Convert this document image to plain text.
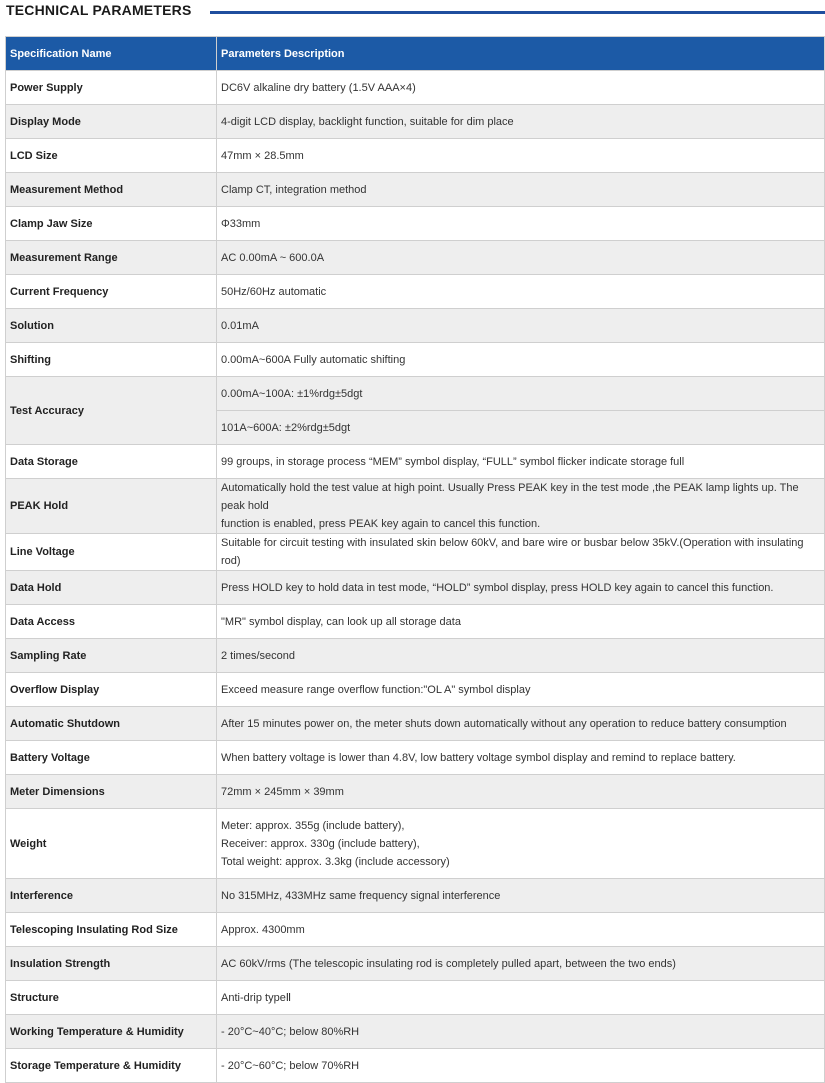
TECHNICAL PARAMETERS
Specification Name	Parameters Description
Power Supply	DC6V alkaline dry battery (1.5V AAA×4)

Display Mode	4-digit LCD display, backlight function, suitable for dim place

LCD Size	47mm × 28.5mm

Measurement Method	Clamp CT, integration method

Clamp Jaw Size	Φ33mm

Measurement Range	AC 0.00mA ~ 600.0A

Current Frequency	50Hz/60Hz automatic

Solution	0.01mA

Shifting	0.00mA~600A Fully automatic shifting

Test Accuracy	0.00mA~100A: ±1%rdg±5dgt
	101A~600A: ±2%rdg±5dgt
Data Storage	99 groups, in storage process “MEM” symbol display, “FULL” symbol flicker indicate storage full

PEAK Hold	Automatically hold the test value at high point. Usually Press PEAK key in the test mode ,the PEAK lamp lights up. The peak hold
function is enabled, press PEAK key again to cancel this function.

Line Voltage	Suitable for circuit testing with insulated skin below 60kV, and bare wire or busbar below 35kV.(Operation with insulating rod)

Data Hold	Press HOLD key to hold data in test mode, “HOLD” symbol display, press HOLD key again to cancel this function.

Data Access	"MR" symbol display, can look up all storage data

Sampling Rate	2 times/second

Overflow Display	Exceed measure range overflow function:"OL A" symbol display

Automatic Shutdown	After 15 minutes power on, the meter shuts down automatically without any operation to reduce battery consumption

Battery Voltage	When battery voltage is lower than 4.8V, low battery voltage symbol display and remind to replace battery.

Meter Dimensions	72mm × 245mm × 39mm

Weight	Meter: approx. 355g (include battery),
Receiver: approx. 330g (include battery),
Total weight: approx. 3.3kg (include accessory)

Interference	No 315MHz, 433MHz same frequency signal interference

Telescoping Insulating Rod Size	Approx. 4300mm

Insulation Strength	AC 60kV/rms (The telescopic insulating rod is completely pulled apart, between the two ends)

Structure	Anti-drip typeⅡ

Working Temperature & Humidity	- 20°C~40°C; below 80%RH

Storage Temperature & Humidity	- 20°C~60°C; below 70%RH
